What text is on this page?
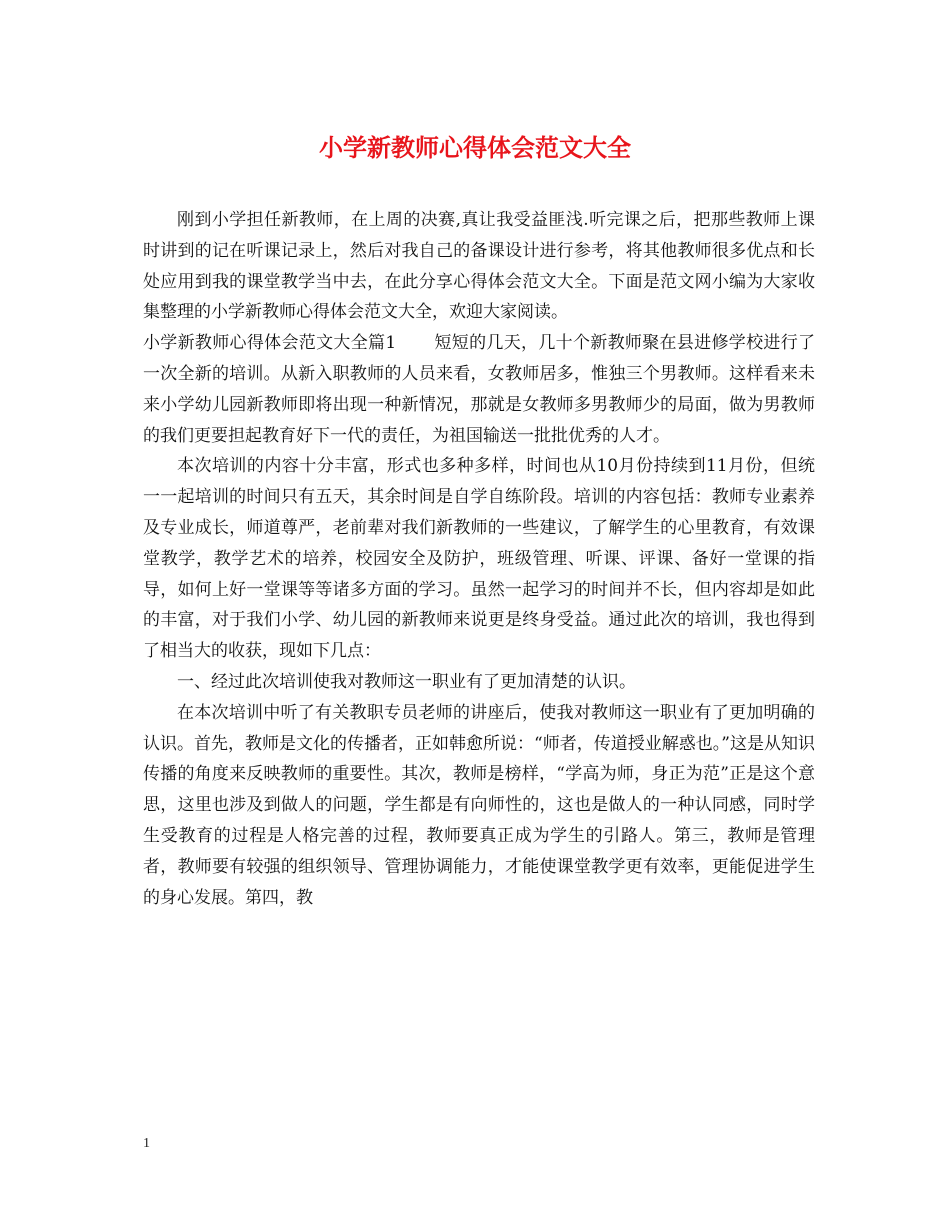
小学新教师心得体会范文大全

刚到小学担任新教师，在上周的决赛,真让我受益匪浅.听完课之后，把那些教师上课时讲到的记在听课记录上，然后对我自己的备课设计进行参考，将其他教师很多优点和长处应用到我的课堂教学当中去，在此分享心得体会范文大全。下面是范文网小编为大家收集整理的小学新教师心得体会范文大全，欢迎大家阅读。

小学新教师心得体会范文大全篇1 短短的几天，几十个新教师聚在县进修学校进行了一次全新的培训。从新入职教师的人员来看，女教师居多，惟独三个男教师。这样看来未来小学幼儿园新教师即将出现一种新情况，那就是女教师多男教师少的局面，做为男教师的我们更要担起教育好下一代的责任，为祖国输送一批批优秀的人才。

本次培训的内容十分丰富，形式也多种多样，时间也从10月份持续到11月份，但统一一起培训的时间只有五天，其余时间是自学自练阶段。培训的内容包括：教师专业素养及专业成长，师道尊严，老前辈对我们新教师的一些建议，了解学生的心里教育，有效课堂教学，教学艺术的培养，校园安全及防护，班级管理、听课、评课、备好一堂课的指导，如何上好一堂课等等诸多方面的学习。虽然一起学习的时间并不长，但内容却是如此的丰富，对于我们小学、幼儿园的新教师来说更是终身受益。通过此次的培训，我也得到了相当大的收获，现如下几点：

一、经过此次培训使我对教师这一职业有了更加清楚的认识。

在本次培训中听了有关教职专员老师的讲座后，使我对教师这一职业有了更加明确的认识。首先，教师是文化的传播者，正如韩愈所说：“师者，传道授业解惑也。”这是从知识传播的角度来反映教师的重要性。其次，教师是榜样，“学高为师，身正为范”正是这个意思，这里也涉及到做人的问题，学生都是有向师性的，这也是做人的一种认同感，同时学生受教育的过程是人格完善的过程，教师要真正成为学生的引路人。第三，教师是管理者，教师要有较强的组织领导、管理协调能力，才能使课堂教学更有效率，更能促进学生的身心发展。第四，教

1
